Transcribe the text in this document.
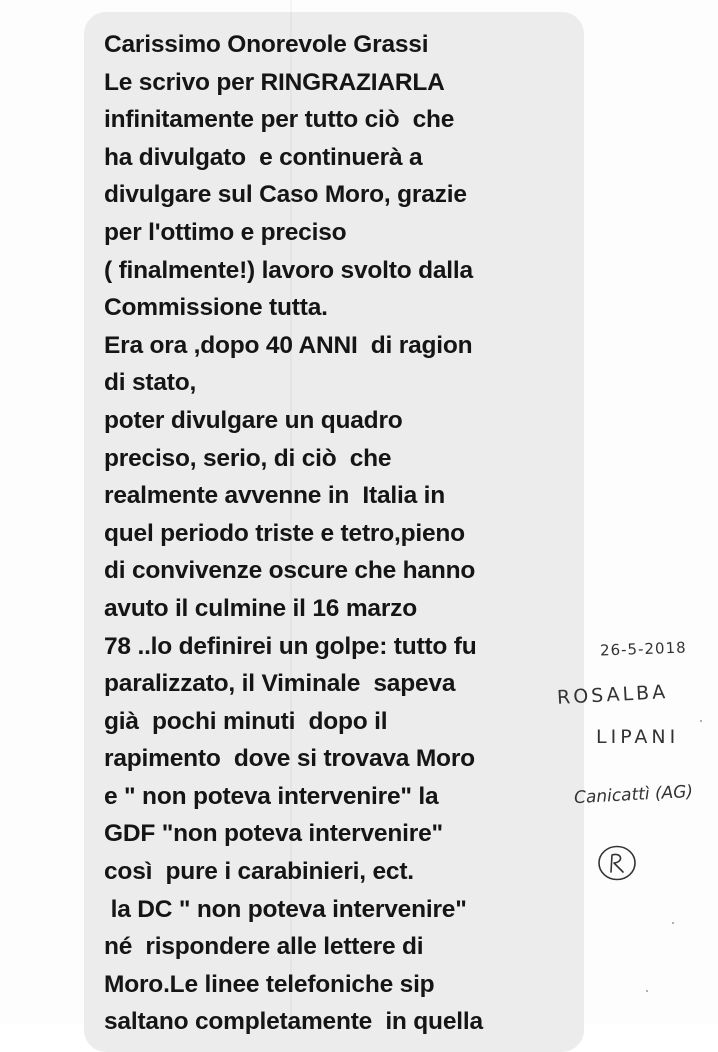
Carissimo Onorevole Grassi
Le scrivo per RINGRAZIARLA
infinitamente per tutto ciò  che
ha divulgato  e continuerà a
divulgare sul Caso Moro, grazie
per l'ottimo e preciso
( finalmente!) lavoro svolto dalla
Commissione tutta.
Era ora ,dopo 40 ANNI  di ragion
di stato,
poter divulgare un quadro
preciso, serio, di ciò  che
realmente avvenne in  Italia in
quel periodo triste e tetro,pieno
di convivenze oscure che hanno
avuto il culmine il 16 marzo
78 ..lo definirei un golpe: tutto fu
paralizzato, il Viminale  sapeva
già  pochi minuti  dopo il
rapimento  dove si trovava Moro
e " non poteva intervenire" la
GDF "non poteva intervenire"
così  pure i carabinieri, ect.
la DC " non poteva intervenire"
né  rispondere alle lettere di
Moro.Le linee telefoniche sip
saltano completamente  in quella
26-5-2018
ROSALBA
LIPANI
Canicattì (AG)
